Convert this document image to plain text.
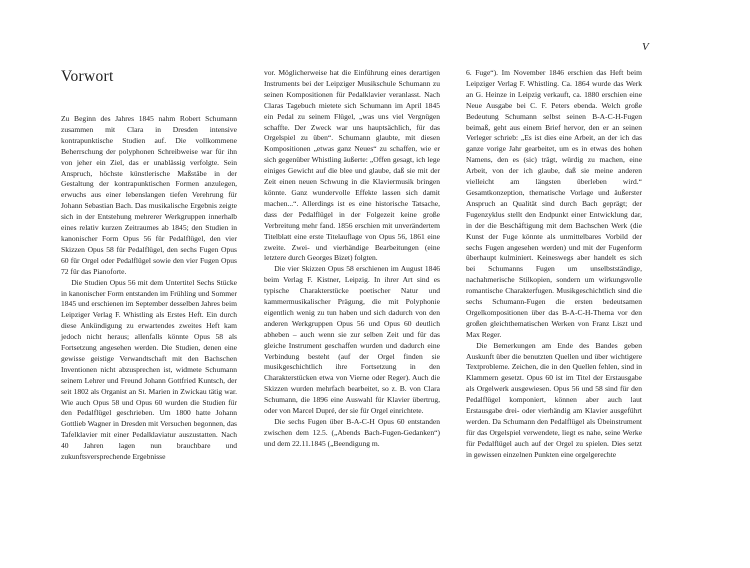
V
Vorwort

Zu Beginn des Jahres 1845 nahm Robert Schumann zusammen mit Clara in Dresden intensive kontrapunktische Studien auf. Die vollkommene Beherrschung der polyphonen Schreibweise war für ihn von jeher ein Ziel, das er unablässig verfolgte. Sein Anspruch, höchste künstlerische Maßstäbe in der Gestaltung der kontrapunktischen Formen anzulegen, erwuchs aus einer lebenslangen tiefen Verehrung für Johann Sebastian Bach. Das musikalische Ergebnis zeigte sich in der Entstehung mehrerer Werkgruppen innerhalb eines relativ kurzen Zeitraumes ab 1845; den Studien in kanonischer Form Opus 56 für Pedalflügel, den vier Skizzen Opus 58 für Pedalflügel, den sechs Fugen Opus 60 für Orgel oder Pedalflügel sowie den vier Fugen Opus 72 für das Pianoforte.

Die Studien Opus 56 mit dem Untertitel Sechs Stücke in kanonischer Form entstanden im Frühling und Sommer 1845 und erschienen im September desselben Jahres beim Leipziger Verlag F. Whistling als Erstes Heft. Ein durch diese Ankündigung zu erwartendes zweites Heft kam jedoch nicht heraus; allenfalls könnte Opus 58 als Fortsetzung angesehen werden. Die Studien, denen eine gewisse geistige Verwandtschaft mit den Bachschen Inventionen nicht abzusprechen ist, widmete Schumann seinem Lehrer und Freund Johann Gottfried Kuntsch, der seit 1802 als Organist an St. Marien in Zwickau tätig war. Wie auch Opus 58 und Opus 60 wurden die Studien für den Pedalflügel geschrieben. Um 1800 hatte Johann Gottlieb Wagner in Dresden mit Versuchen begonnen, das Tafelklavier mit einer Pedalklaviatur auszustatten. Nach 40 Jahren lagen nun brauchbare und zukunftsversprechende Ergebnisse

vor. Möglicherweise hat die Einführung eines derartigen Instruments bei der Leipziger Musikschule Schumann zu seinen Kompositionen für Pedalklavier veranlasst. Nach Claras Tagebuch mietete sich Schumann im April 1845 ein Pedal zu seinem Flügel, „was uns viel Vergnügen schaffte. Der Zweck war uns hauptsächlich, für das Orgelspiel zu üben“. Schumann glaubte, mit diesen Kompositionen „etwas ganz Neues“ zu schaffen, wie er sich gegenüber Whistling äußerte: „Offen gesagt, ich lege einiges Gewicht auf die blee und glaube, daß sie mit der Zeit einen neuen Schwung in die Klaviermusik bringen könnte. Ganz wundervolle Effekte lassen sich damit machen...“. Allerdings ist es eine historische Tatsache, dass der Pedalflügel in der Folgezeit keine große Verbreitung mehr fand. 1856 erschien mit unverändertem Titelblatt eine erste Titelauflage von Opus 56, 1861 eine zweite. Zwei- und vierhändige Bearbeitungen (eine letztere durch Georges Bizet) folgten.

Die vier Skizzen Opus 58 erschienen im August 1846 beim Verlag F. Kistner, Leipzig. In ihrer Art sind es typische Charakterstücke poetischer Natur und kammermusikalischer Prägung, die mit Polyphonie eigentlich wenig zu tun haben und sich dadurch von den anderen Werkgruppen Opus 56 und Opus 60 deutlich abheben – auch wenn sie zur selben Zeit und für das gleiche Instrument geschaffen wurden und dadurch eine Verbindung besteht (auf der Orgel finden sie musikgeschichtlich ihre Fortsetzung in den Charakterstücken etwa von Vierne oder Reger). Auch die Skizzen wurden mehrfach bearbeitet, so z. B. von Clara Schumann, die 1896 eine Auswahl für Klavier übertrug, oder von Marcel Dupré, der sie für Orgel einrichtete.

Die sechs Fugen über B-A-C-H Opus 60 entstanden zwischen dem 12.5. („Abends Bach-Fugen-Gedanken“) und dem 22.11.1845 („Beendigung m.

6. Fuge“). Im November 1846 erschien das Heft beim Leipziger Verlag F. Whistling. Ca. 1864 wurde das Werk an G. Heinze in Leipzig verkauft, ca. 1880 erschien eine Neue Ausgabe bei C. F. Peters ebenda. Welch große Bedeutung Schumann selbst seinen B-A-C-H-Fugen beimaß, geht aus einem Brief hervor, den er an seinen Verleger schrieb: „Es ist dies eine Arbeit, an der ich das ganze vorige Jahr gearbeitet, um es in etwas des hohen Namens, den es (sic) trägt, würdig zu machen, eine Arbeit, von der ich glaube, daß sie meine anderen vielleicht am längsten überleben wird.“ Gesamtkonzeption, thematische Vorlage und äußerster Anspruch an Qualität sind durch Bach geprägt; der Fugenzyklus stellt den Endpunkt einer Entwicklung dar, in der die Beschäftigung mit dem Bachschen Werk (die Kunst der Fuge könnte als unmittelbares Vorbild der sechs Fugen angesehen werden) und mit der Fugenform überhaupt kulminiert. Keineswegs aber handelt es sich bei Schumanns Fugen um unselbstständige, nachahmerische Stilkopien, sondern um wirkungsvolle romantische Charakterfugen. Musikgeschichtlich sind die sechs Schumann-Fugen die ersten bedeutsamen Orgelkompositionen über das B-A-C-H-Thema vor den großen gleichthematischen Werken von Franz Liszt und Max Reger.

Die Bemerkungen am Ende des Bandes geben Auskunft über die benutzten Quellen und über wichtigere Textprobleme. Zeichen, die in den Quellen fehlen, sind in Klammern gesetzt. Opus 60 ist im Titel der Erstausgabe als Orgelwerk ausgewiesen. Opus 56 und 58 sind für den Pedalflügel komponiert, können aber auch laut Erstausgabe drei- oder vierhändig am Klavier ausgeführt werden. Da Schumann den Pedalflügel als Übeinstrument für das Orgelspiel verwendete, liegt es nahe, seine Werke für Pedalflügel auch auf der Orgel zu spielen. Dies setzt in gewissen einzelnen Punkten eine orgelgerechte
